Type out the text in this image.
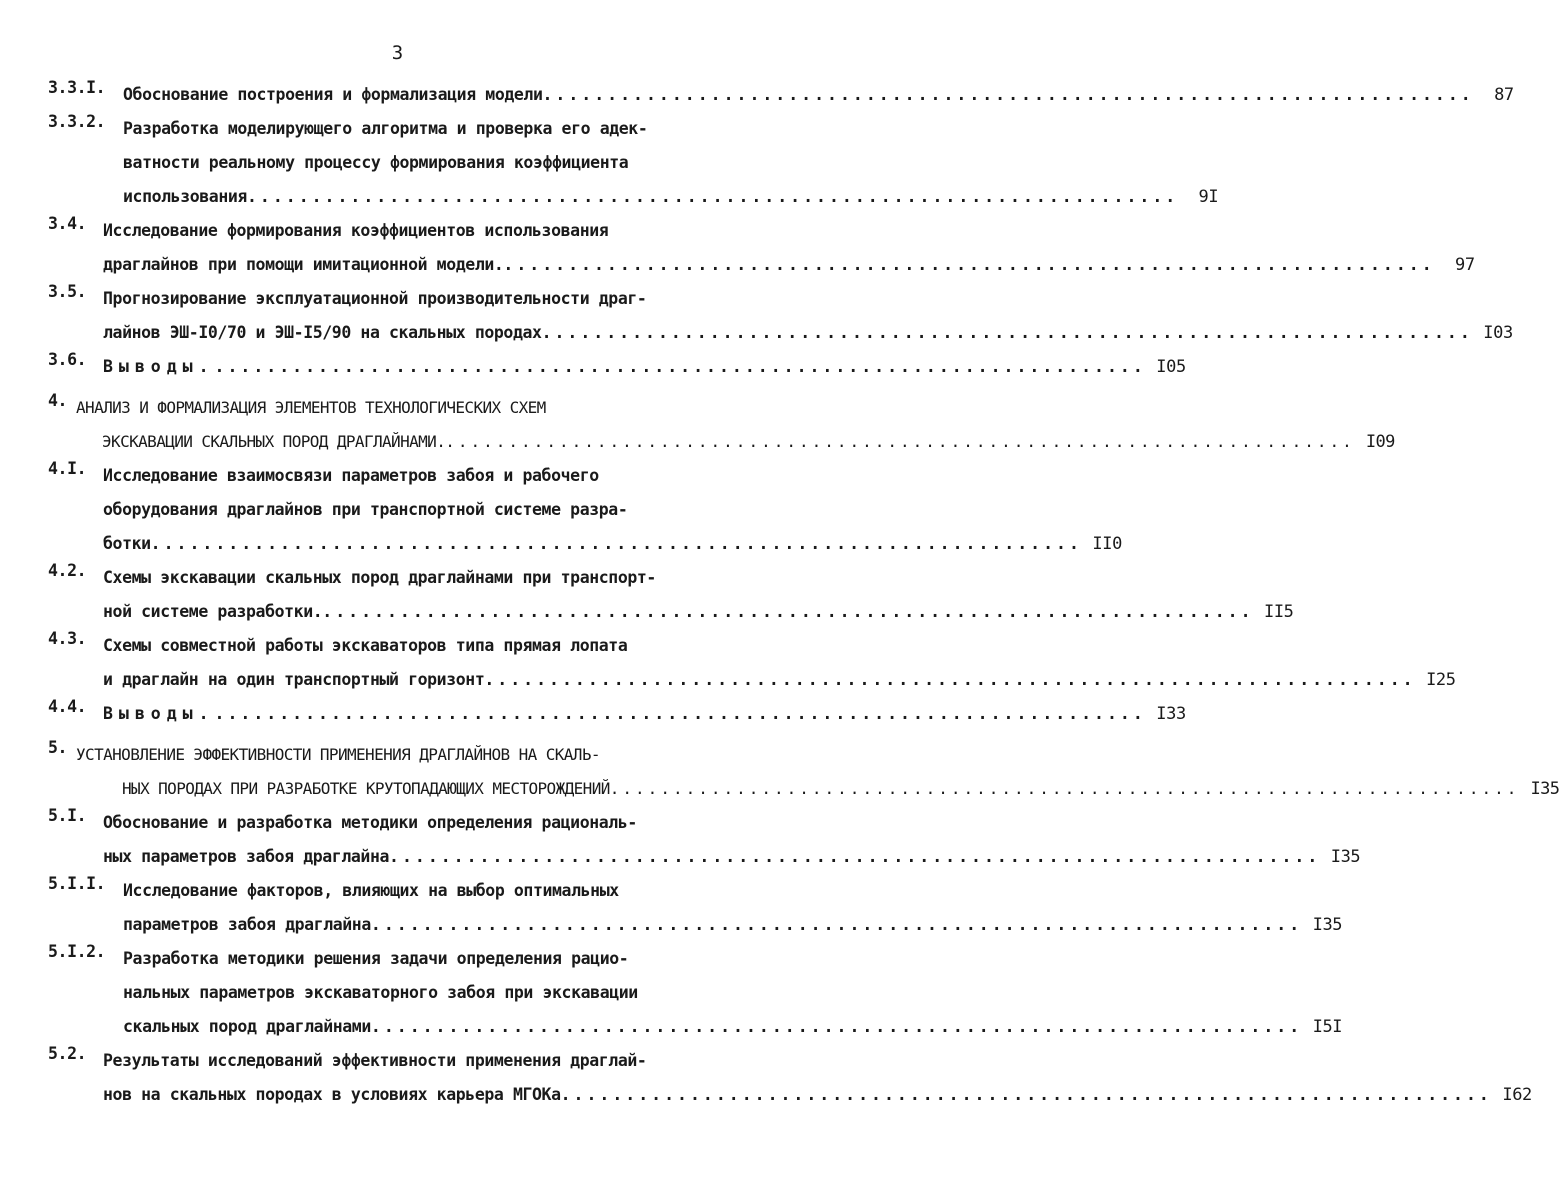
3
3.3.I.	Обоснование построения и формализация модели ........................................................................	87
3.3.2.	Разработка моделирующего алгоритма и проверка его адек-
ватности реальному процессу формирования коэффициента
использования ........................................................................	9I
3.4.	Исследование формирования коэффициентов использования
драглайнов при помощи имитационной модели. ........................................................................	97
3.5.	Прогнозирование эксплуатационной производительности драг-
лайнов ЭШ-I0/70 и ЭШ-I5/90 на скальных породах ........................................................................ I03
3.6.	Выводы. ........................................................................ I05
4. АНАЛИЗ И ФОРМАЛИЗАЦИЯ ЭЛЕМЕНТОВ ТЕХНОЛОГИЧЕСКИХ СХЕМ
ЭКСКАВАЦИИ СКАЛЬНЫХ ПОРОД ДРАГЛАЙНАМИ. ........................................................................ I09
4.I.	Исследование взаимосвязи параметров забоя и рабочего
оборудования драглайнов при транспортной системе разра-
ботки ........................................................................ II0
4.2.	Схемы экскавации скальных пород драглайнами при транспорт-
ной системе разработки. ........................................................................ II5
4.3.	Схемы совместной работы экскаваторов типа прямая лопата
и драглайн на один транспортный горизонт ........................................................................ I25
4.4.	Выводы. ........................................................................ I33
5. УСТАНОВЛЕНИЕ ЭФФЕКТИВНОСТИ ПРИМЕНЕНИЯ ДРАГЛАЙНОВ НА СКАЛЬ-
НЫХ ПОРОДАХ ПРИ РАЗРАБОТКЕ КРУТОПАДАЮЩИХ МЕСТОРОЖДЕНИЙ ........................................................................ I35
5.I.	Обоснование и разработка методики определения рациональ-
ных параметров забоя драглайна ........................................................................ I35
5.I.I.	Исследование факторов, влияющих на выбор оптимальных
параметров забоя драглайна ........................................................................ I35
5.I.2.	Разработка методики решения задачи определения рацио-
нальных параметров экскаваторного забоя при экскавации
скальных пород драглайнами ........................................................................ I5I
5.2.	Результаты исследований эффективности применения драглай-
нов на скальных породах в условиях карьера МГОКа ........................................................................ I62
